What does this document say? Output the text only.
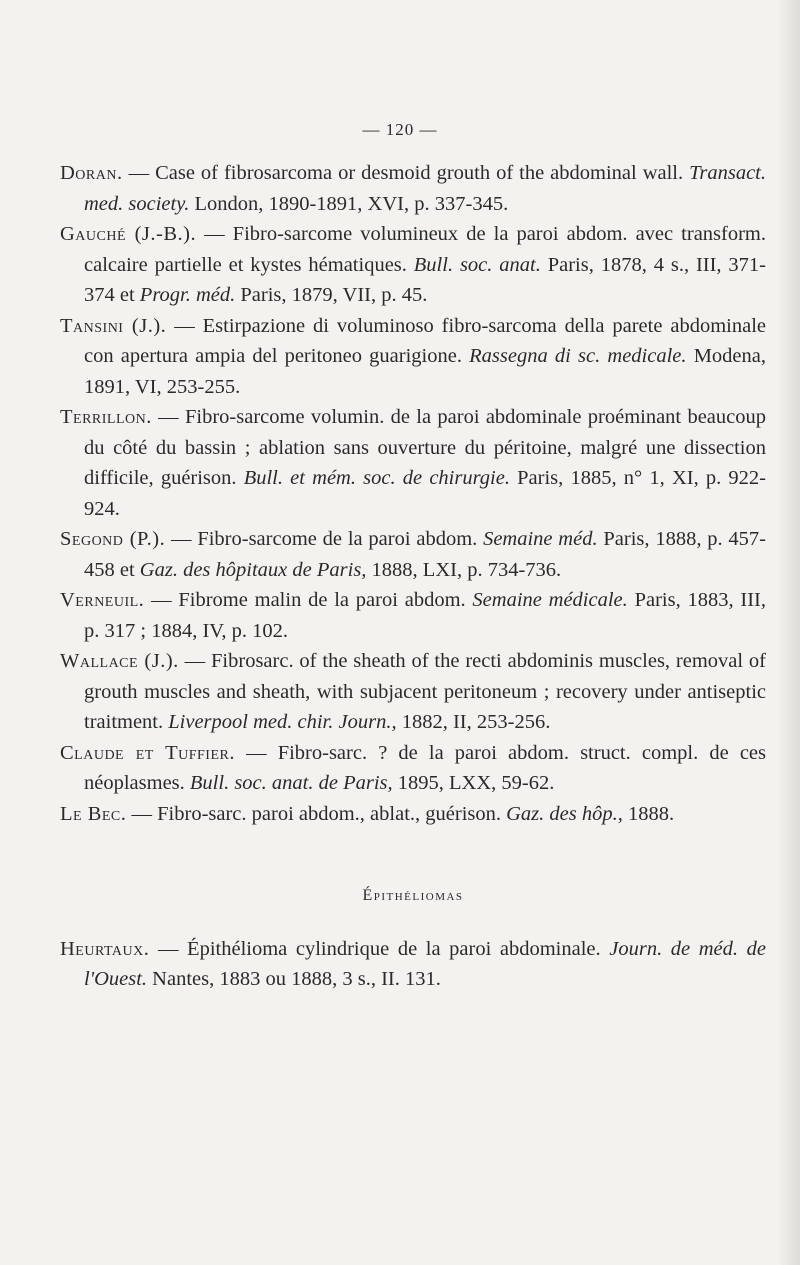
— 120 —

Doran. — Case of fibrosarcoma or desmoid grouth of the abdominal wall. Transact. med. society. London, 1890-1891, XVI, p. 337-345.

Gauché (J.-B.). — Fibro-sarcome volumineux de la paroi abdom. avec transform. calcaire partielle et kystes hématiques. Bull. soc. anat. Paris, 1878, 4 s., III, 371-374 et Progr. méd. Paris, 1879, VII, p. 45.

Tansini (J.). — Estirpazione di voluminoso fibro-sarcoma della parete abdominale con apertura ampia del peritoneo guarigione. Rassegna di sc. medicale. Modena, 1891, VI, 253-255.

Terrillon. — Fibro-sarcome volumin. de la paroi abdominale proéminant beaucoup du côté du bassin ; ablation sans ouverture du péritoine, malgré une dissection difficile, guérison. Bull. et mém. soc. de chirurgie. Paris, 1885, n° 1, XI, p. 922-924.

Segond (P.). — Fibro-sarcome de la paroi abdom. Semaine méd. Paris, 1888, p. 457-458 et Gaz. des hôpitaux de Paris, 1888, LXI, p. 734-736.

Verneuil. — Fibrome malin de la paroi abdom. Semaine médicale. Paris, 1883, III, p. 317 ; 1884, IV, p. 102.

Wallace (J.). — Fibrosarc. of the sheath of the recti abdominis muscles, removal of grouth muscles and sheath, with subjacent peritoneum ; recovery under antiseptic traitment. Liverpool med. chir. Journ., 1882, II, 253-256.

Claude et Tuffier. — Fibro-sarc. ? de la paroi abdom. struct. compl. de ces néoplasmes. Bull. soc. anat. de Paris, 1895, LXX, 59-62.

Le Bec. — Fibro-sarc. paroi abdom., ablat., guérison. Gaz. des hôp., 1888.

Épithéliomas

Heurtaux. — Épithélioma cylindrique de la paroi abdominale. Journ. de méd. de l'Ouest. Nantes, 1883 ou 1888, 3 s., II. 131.
